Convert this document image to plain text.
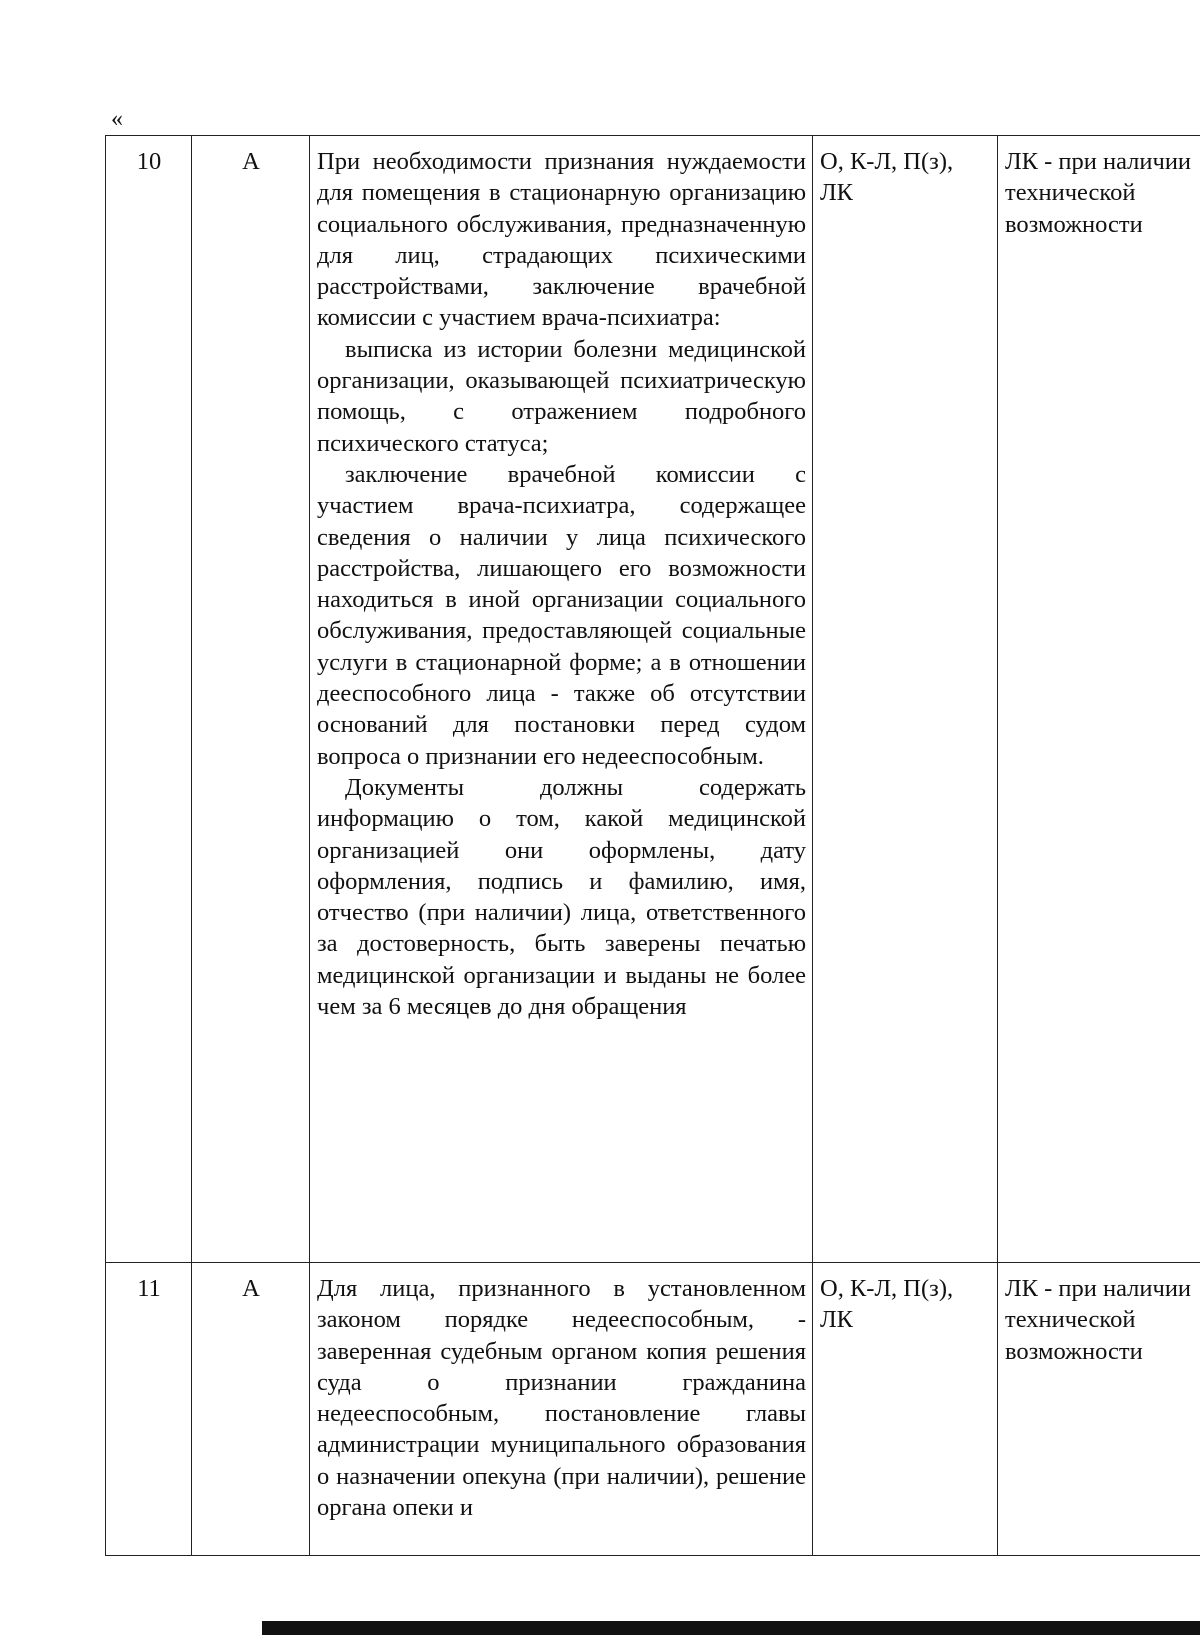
«
10	А	При необходимости признания нуждаемости для помещения в стационарную организацию социального обслуживания, предназначенную для лиц, страдающих психическими расстройствами, заключение врачебной комиссии с участием врача-психиатра:
выписка из истории болезни медицинской организации, оказывающей психиатрическую помощь, с отражением подробного психического статуса;
заключение врачебной комиссии с участием врача-психиатра, содержащее сведения о наличии у лица психического расстройства, лишающего его возможности находиться в иной организации социального обслуживания, предоставляющей социальные услуги в стационарной форме; а в отношении дееспособного лица - также об отсутствии оснований для постановки перед судом вопроса о признании его недееспособным.
Документы должны содержать информацию о том, какой медицинской организацией они оформлены, дату оформления, подпись и фамилию, имя, отчество (при наличии) лица, ответственного за достоверность, быть заверены печатью медицинской организации и выданы не более чем за 6 месяцев до дня обращения	О, К-Л, П(з), ЛК	ЛК - при наличии технической возможности
11	А	Для лица, признанного в установленном законом порядке недееспособным, - заверенная судебным органом копия решения суда о признании гражданина недееспособным, постановление главы администрации муниципального образования о назначении опекуна (при наличии), решение органа опеки и	О, К-Л, П(з), ЛК	ЛК - при наличии технической возможности
